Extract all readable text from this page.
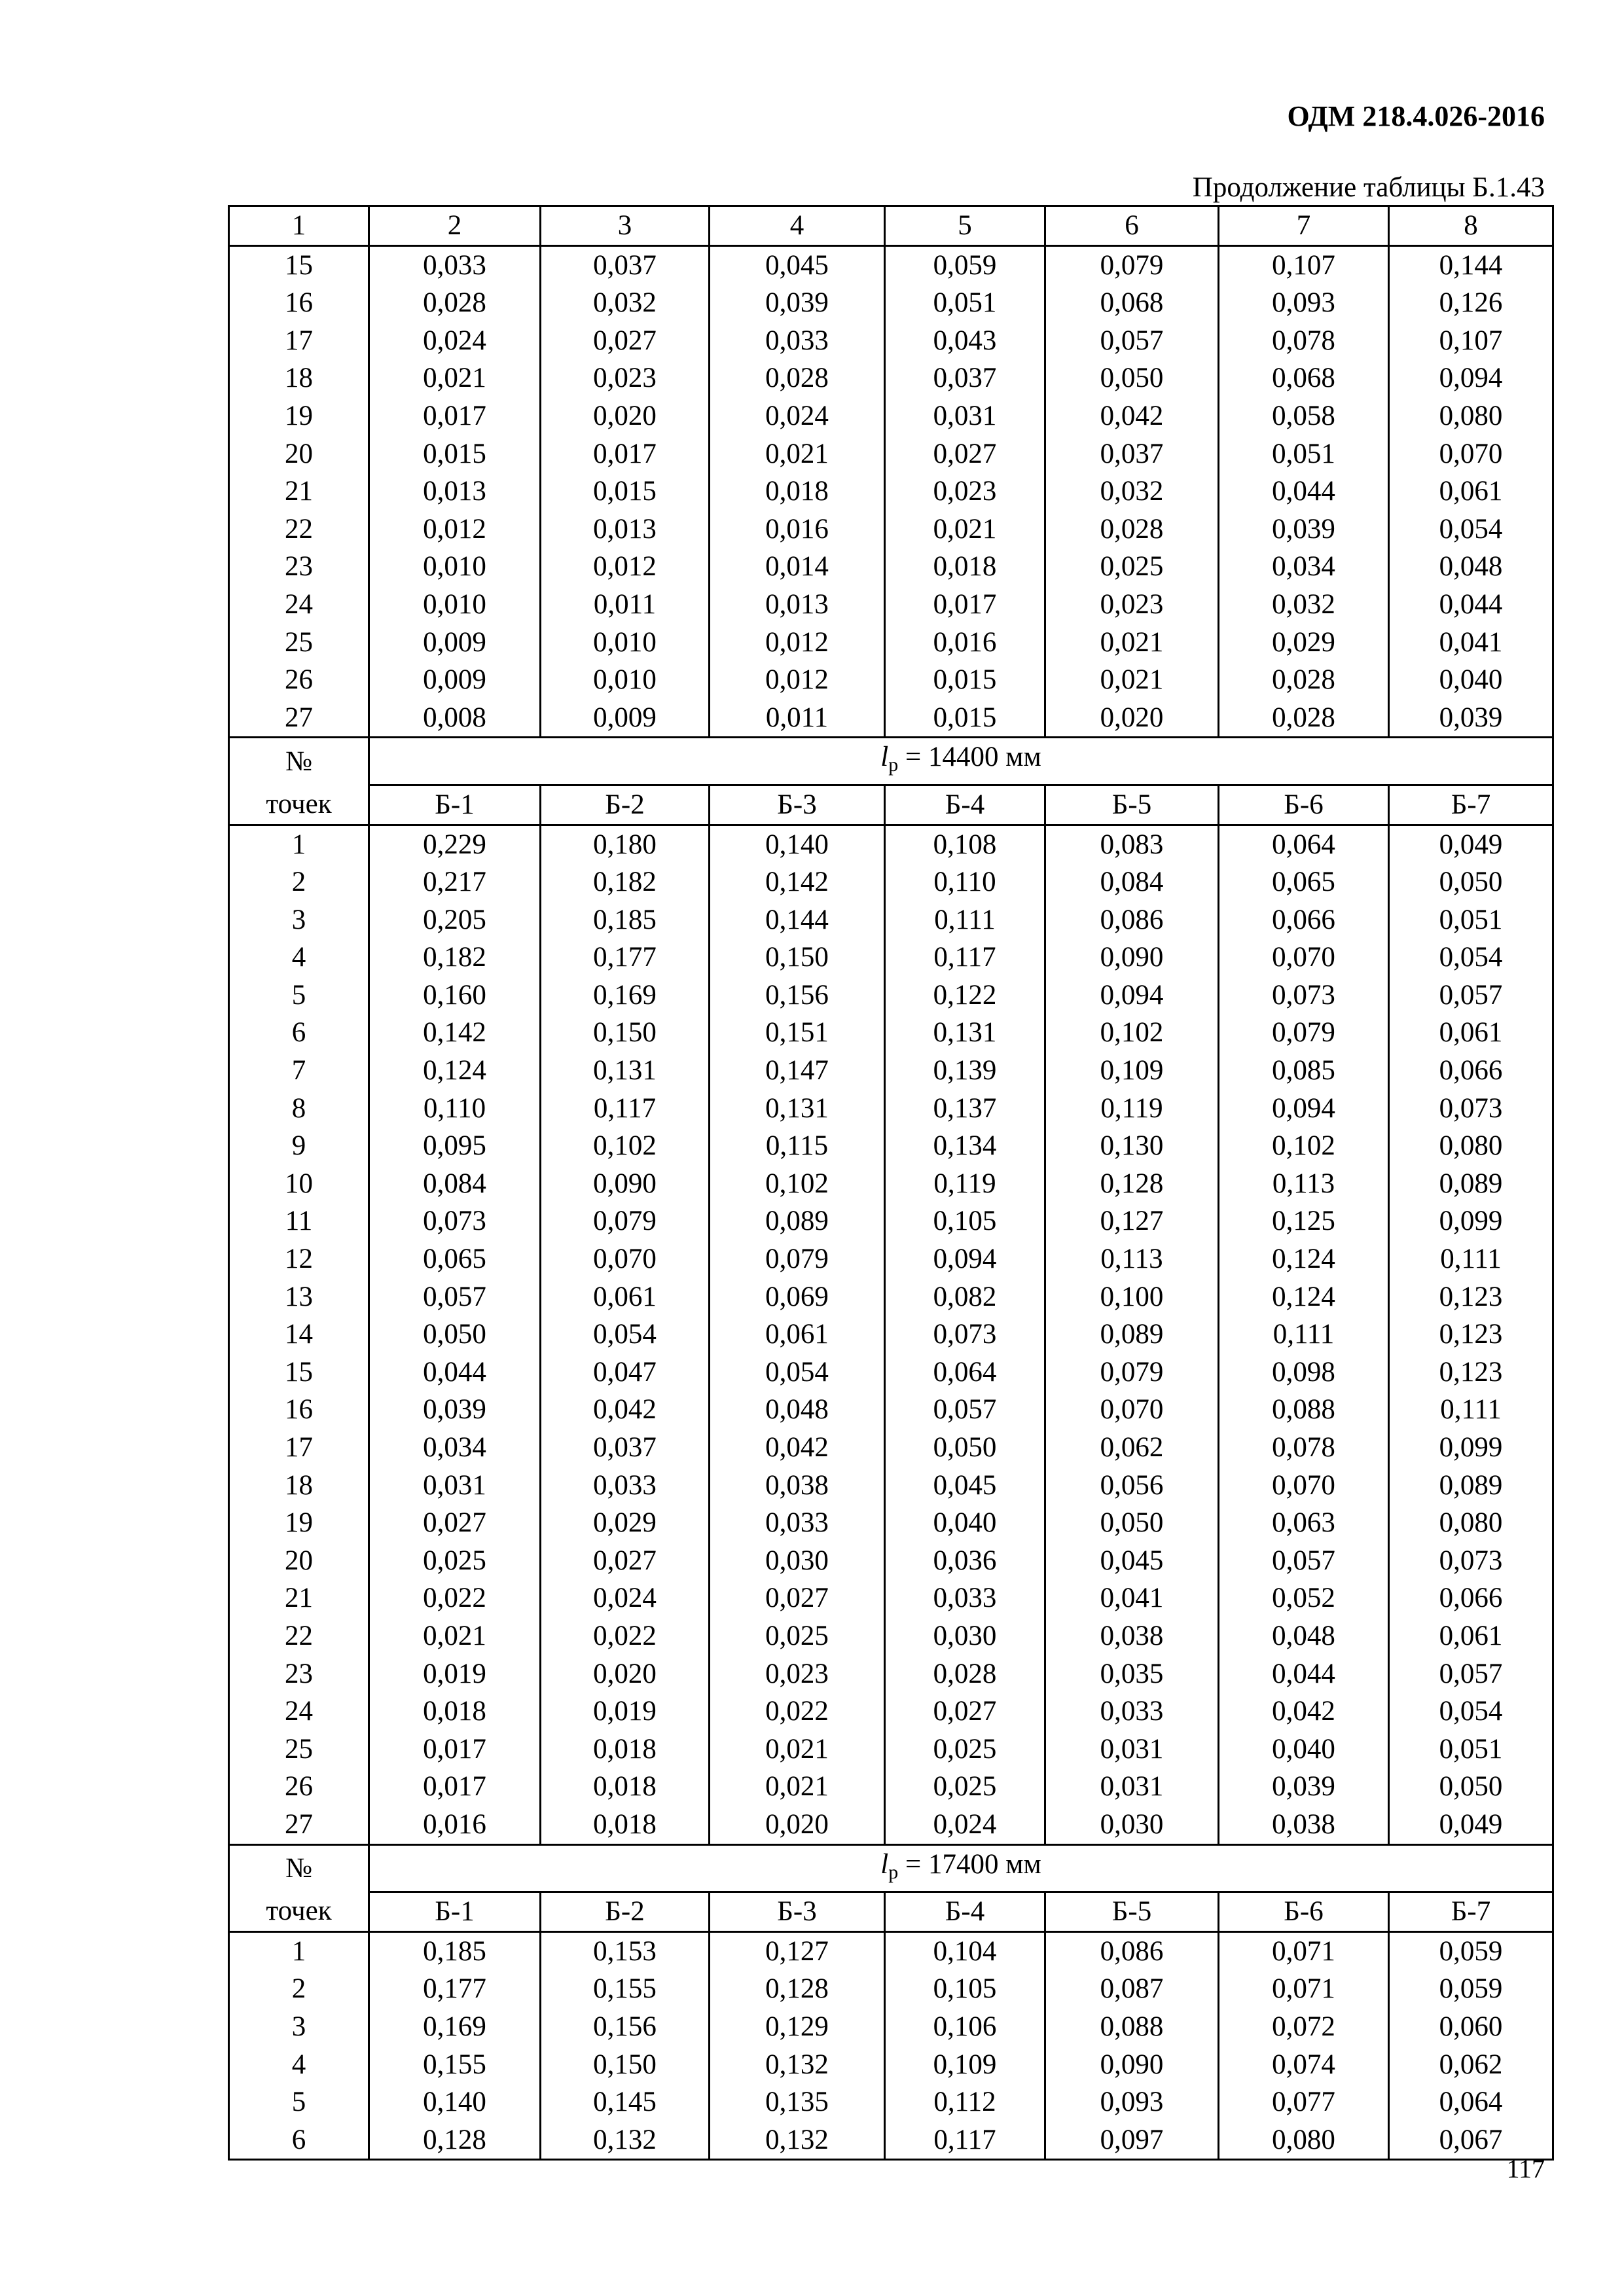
ОДМ 218.4.026-2016
Продолжение таблицы Б.1.43
1	2	3	4	5	6	7	8
15	0,033	0,037	0,045	0,059	0,079	0,107	0,144
16	0,028	0,032	0,039	0,051	0,068	0,093	0,126
17	0,024	0,027	0,033	0,043	0,057	0,078	0,107
18	0,021	0,023	0,028	0,037	0,050	0,068	0,094
19	0,017	0,020	0,024	0,031	0,042	0,058	0,080
20	0,015	0,017	0,021	0,027	0,037	0,051	0,070
21	0,013	0,015	0,018	0,023	0,032	0,044	0,061
22	0,012	0,013	0,016	0,021	0,028	0,039	0,054
23	0,010	0,012	0,014	0,018	0,025	0,034	0,048
24	0,010	0,011	0,013	0,017	0,023	0,032	0,044
25	0,009	0,010	0,012	0,016	0,021	0,029	0,041
26	0,009	0,010	0,012	0,015	0,021	0,028	0,040
27	0,008	0,009	0,011	0,015	0,020	0,028	0,039
№	$l_p = 14400$ мм						
точек	Б-1	Б-2	Б-3	Б-4	Б-5	Б-6	Б-7
1	0,229	0,180	0,140	0,108	0,083	0,064	0,049
2	0,217	0,182	0,142	0,110	0,084	0,065	0,050
3	0,205	0,185	0,144	0,111	0,086	0,066	0,051
4	0,182	0,177	0,150	0,117	0,090	0,070	0,054
5	0,160	0,169	0,156	0,122	0,094	0,073	0,057
6	0,142	0,150	0,151	0,131	0,102	0,079	0,061
7	0,124	0,131	0,147	0,139	0,109	0,085	0,066
8	0,110	0,117	0,131	0,137	0,119	0,094	0,073
9	0,095	0,102	0,115	0,134	0,130	0,102	0,080
10	0,084	0,090	0,102	0,119	0,128	0,113	0,089
11	0,073	0,079	0,089	0,105	0,127	0,125	0,099
12	0,065	0,070	0,079	0,094	0,113	0,124	0,111
13	0,057	0,061	0,069	0,082	0,100	0,124	0,123
14	0,050	0,054	0,061	0,073	0,089	0,111	0,123
15	0,044	0,047	0,054	0,064	0,079	0,098	0,123
16	0,039	0,042	0,048	0,057	0,070	0,088	0,111
17	0,034	0,037	0,042	0,050	0,062	0,078	0,099
18	0,031	0,033	0,038	0,045	0,056	0,070	0,089
19	0,027	0,029	0,033	0,040	0,050	0,063	0,080
20	0,025	0,027	0,030	0,036	0,045	0,057	0,073
21	0,022	0,024	0,027	0,033	0,041	0,052	0,066
22	0,021	0,022	0,025	0,030	0,038	0,048	0,061
23	0,019	0,020	0,023	0,028	0,035	0,044	0,057
24	0,018	0,019	0,022	0,027	0,033	0,042	0,054
25	0,017	0,018	0,021	0,025	0,031	0,040	0,051
26	0,017	0,018	0,021	0,025	0,031	0,039	0,050
27	0,016	0,018	0,020	0,024	0,030	0,038	0,049
№	$l_р = 17400$ мм						
точек	Б-1	Б-2	Б-3	Б-4	Б-5	Б-6	Б-7
1	0,185	0,153	0,127	0,104	0,086	0,071	0,059
2	0,177	0,155	0,128	0,105	0,087	0,071	0,059
3	0,169	0,156	0,129	0,106	0,088	0,072	0,060
4	0,155	0,150	0,132	0,109	0,090	0,074	0,062
5	0,140	0,145	0,135	0,112	0,093	0,077	0,064
6	0,128	0,132	0,132	0,117	0,097	0,080	0,067
117
